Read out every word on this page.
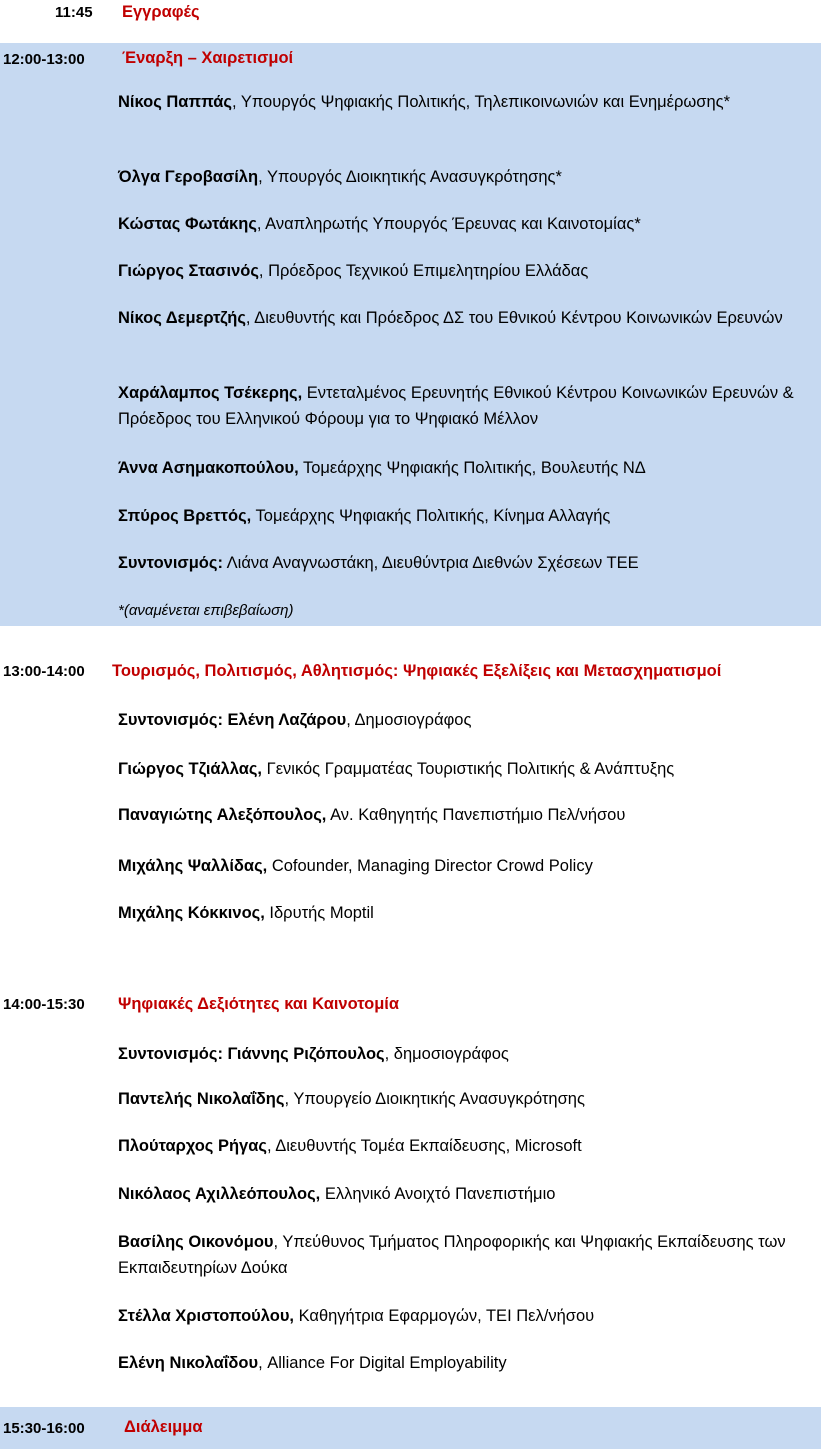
11:45 Εγγραφές
12:00-13:00 Έναρξη – Χαιρετισμοί
Νίκος Παππάς, Υπουργός Ψηφιακής Πολιτικής, Τηλεπικοινωνιών και Ενημέρωσης*
Όλγα Γεροβασίλη, Υπουργός Διοικητικής Ανασυγκρότησης*
Κώστας Φωτάκης, Αναπληρωτής Υπουργός Έρευνας και Καινοτομίας*
Γιώργος Στασινός, Πρόεδρος Τεχνικού Επιμελητηρίου Ελλάδας
Νίκος Δεμερτζής, Διευθυντής και Πρόεδρος ΔΣ του Εθνικού Κέντρου Κοινωνικών Ερευνών
Χαράλαμπος Τσέκερης, Εντεταλμένος Ερευνητής Εθνικού Κέντρου Κοινωνικών Ερευνών & Πρόεδρος του Ελληνικού Φόρουμ για το Ψηφιακό Μέλλον
Άννα Ασημακοπούλου, Τομεάρχης Ψηφιακής Πολιτικής, Βουλευτής ΝΔ
Σπύρος Βρεττός, Τομεάρχης Ψηφιακής Πολιτικής, Κίνημα Αλλαγής
Συντονισμός: Λιάνα Αναγνωστάκη, Διευθύντρια Διεθνών Σχέσεων ΤΕΕ
*(αναμένεται επιβεβαίωση)
13:00-14:00 Τουρισμός, Πολιτισμός, Αθλητισμός: Ψηφιακές Εξελίξεις και Μετασχηματισμοί
Συντονισμός: Ελένη Λαζάρου, Δημοσιογράφος
Γιώργος Τζιάλλας, Γενικός Γραμματέας Τουριστικής Πολιτικής & Ανάπτυξης
Παναγιώτης Αλεξόπουλος, Αν. Καθηγητής Πανεπιστήμιο Πελ/νήσου
Μιχάλης Ψαλλίδας, Cofounder, Managing Director Crowd Policy
Μιχάλης Κόκκινος, Ιδρυτής Moptil
14:00-15:30 Ψηφιακές Δεξιότητες και Καινοτομία
Συντονισμός: Γιάννης Ριζόπουλος, δημοσιογράφος
Παντελής Νικολαΐδης, Υπουργείο Διοικητικής Ανασυγκρότησης
Πλούταρχος Ρήγας, Διευθυντής Τομέα Εκπαίδευσης, Microsoft
Νικόλαος Αχιλλεόπουλος, Ελληνικό Ανοιχτό Πανεπιστήμιο
Βασίλης Οικονόμου, Υπεύθυνος Τμήματος Πληροφορικής και Ψηφιακής Εκπαίδευσης των Εκπαιδευτηρίων Δούκα
Στέλλα Χριστοπούλου, Καθηγήτρια Εφαρμογών, ΤΕΙ Πελ/νήσου
Ελένη Νικολαΐδου, Alliance For Digital Employability
15:30-16:00 Διάλειμμα
